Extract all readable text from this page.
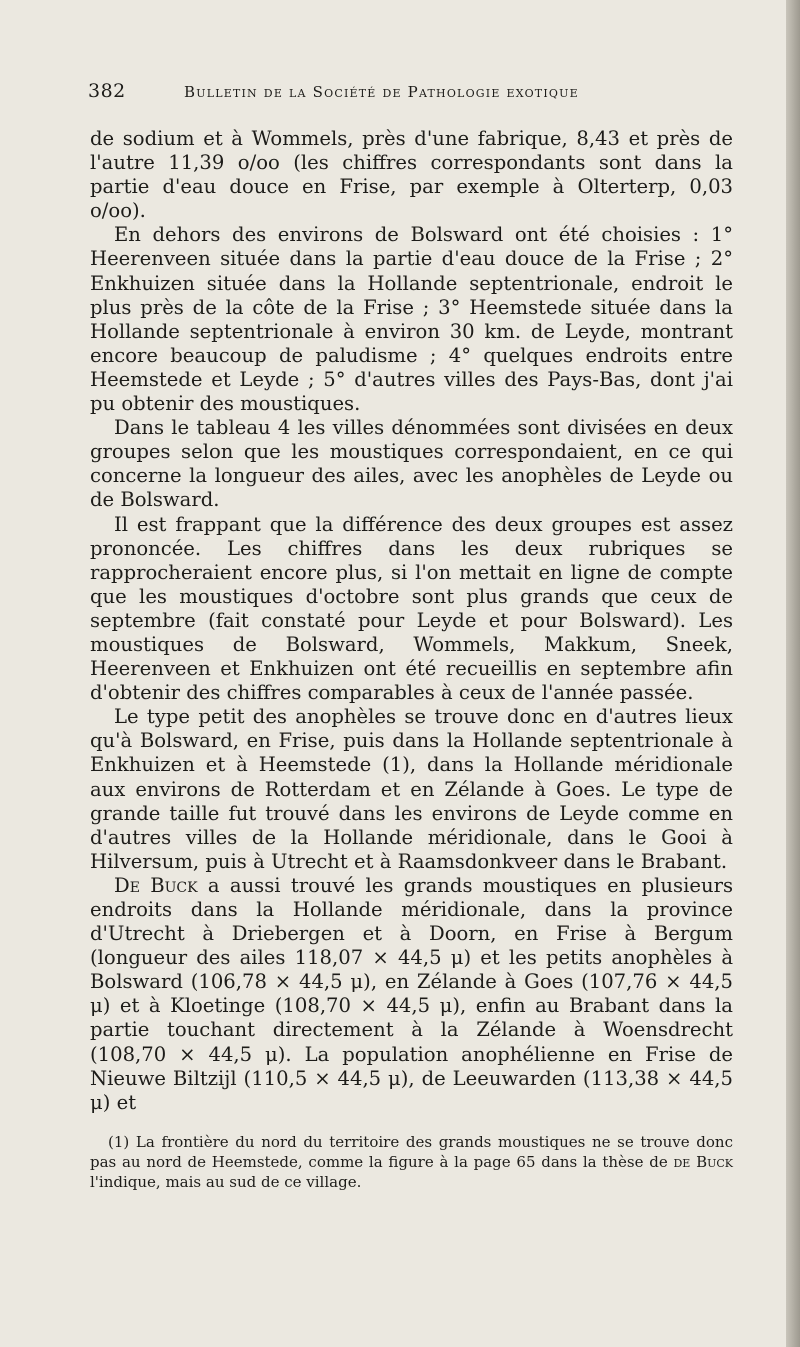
382	Bulletin de la Société de Pathologie exotique

de sodium et à Wommels, près d'une fabrique, 8,43 et près de l'autre 11,39 o/oo (les chiffres correspondants sont dans la partie d'eau douce en Frise, par exemple à Olterterp, 0,03 o/oo).

En dehors des environs de Bolsward ont été choisies : 1° Heerenveen située dans la partie d'eau douce de la Frise ; 2° Enkhuizen située dans la Hollande septentrionale, endroit le plus près de la côte de la Frise ; 3° Heemstede située dans la Hollande septentrionale à environ 30 km. de Leyde, montrant encore beaucoup de paludisme ; 4° quelques endroits entre Heemstede et Leyde ; 5° d'autres villes des Pays-Bas, dont j'ai pu obtenir des moustiques.

Dans le tableau 4 les villes dénommées sont divisées en deux groupes selon que les moustiques correspondaient, en ce qui concerne la longueur des ailes, avec les anophèles de Leyde ou de Bolsward.

Il est frappant que la différence des deux groupes est assez prononcée. Les chiffres dans les deux rubriques se rapprocheraient encore plus, si l'on mettait en ligne de compte que les moustiques d'octobre sont plus grands que ceux de septembre (fait constaté pour Leyde et pour Bolsward). Les moustiques de Bolsward, Wommels, Makkum, Sneek, Heerenveen et Enkhuizen ont été recueillis en septembre afin d'obtenir des chiffres comparables à ceux de l'année passée.

Le type petit des anophèles se trouve donc en d'autres lieux qu'à Bolsward, en Frise, puis dans la Hollande septentrionale à Enkhuizen et à Heemstede (1), dans la Hollande méridionale aux environs de Rotterdam et en Zélande à Goes. Le type de grande taille fut trouvé dans les environs de Leyde comme en d'autres villes de la Hollande méridionale, dans le Gooi à Hilversum, puis à Utrecht et à Raamsdonkveer dans le Brabant.

De Buck a aussi trouvé les grands moustiques en plusieurs endroits dans la Hollande méridionale, dans la province d'Utrecht à Driebergen et à Doorn, en Frise à Bergum (longueur des ailes 118,07 × 44,5 μ) et les petits anophèles à Bolsward (106,78 × 44,5 μ), en Zélande à Goes (107,76 × 44,5 μ) et à Kloetinge (108,70 × 44,5 μ), enfin au Brabant dans la partie touchant directement à la Zélande à Woensdrecht (108,70 × 44,5 μ). La population anophélienne en Frise de Nieuwe Biltzijl (110,5 × 44,5 μ), de Leeuwarden (113,38 × 44,5 μ) et

(1) La frontière du nord du territoire des grands moustiques ne se trouve donc pas au nord de Heemstede, comme la figure à la page 65 dans la thèse de de Buck l'indique, mais au sud de ce village.
